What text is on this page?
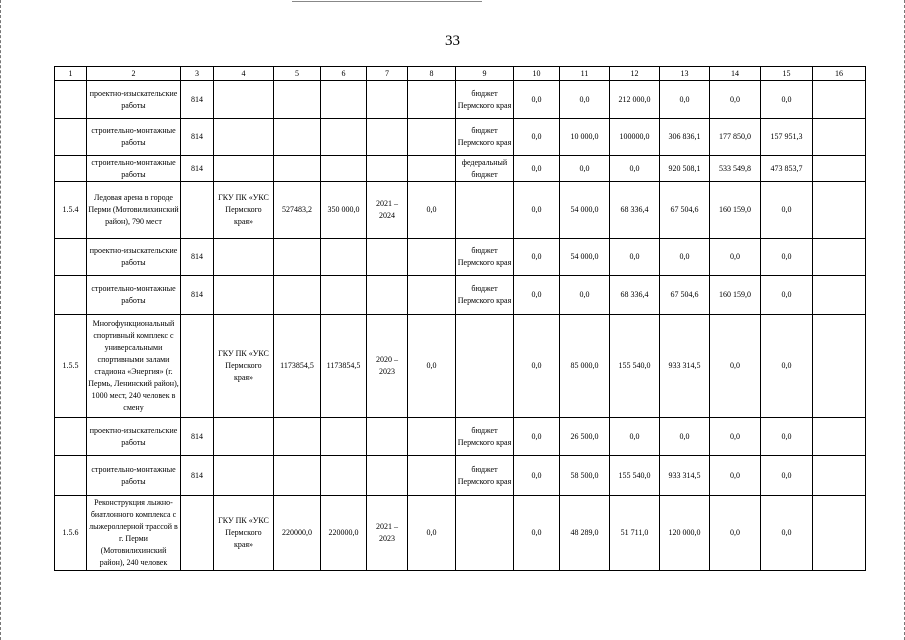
33
1	2	3	4	5	6	7	8	9	10	11	12	13	14	15	16
	проектно-изыскательские работы	814						бюджет Пермского края	0,0	0,0	212 000,0	0,0	0,0	0,0	
	строительно-монтажные работы	814						бюджет Пермского края	0,0	10 000,0	100000,0	306 836,1	177 850,0	157 951,3	
	строительно-монтажные работы	814						федеральный бюджет	0,0	0,0	0,0	920 508,1	533 549,8	473 853,7	
1.5.4	Ледовая арена в городе Перми (Мотовилихинский район), 790 мест		ГКУ ПК «УКС Пермского края»	527483,2	350 000,0	2021 – 2024	0,0		0,0	54 000,0	68 336,4	67 504,6	160 159,0	0,0	
	проектно-изыскательские работы	814						бюджет Пермского края	0,0	54 000,0	0,0	0,0	0,0	0,0	
	строительно-монтажные работы	814						бюджет Пермского края	0,0	0,0	68 336,4	67 504,6	160 159,0	0,0	
1.5.5	Многофункциональный спортивный комплекс с универсальными спортивными залами стадиона «Энергия» (г. Пермь, Ленинский район), 1000 мест, 240 человек в смену		ГКУ ПК «УКС Пермского края»	1173854,5	1173854,5	2020 – 2023	0,0		0,0	85 000,0	155 540,0	933 314,5	0,0	0,0	
	проектно-изыскательские работы	814						бюджет Пермского края	0,0	26 500,0	0,0	0,0	0,0	0,0	
	строительно-монтажные работы	814						бюджет Пермского края	0,0	58 500,0	155 540,0	933 314,5	0,0	0,0	
1.5.6	Реконструкция лыжно-биатлонного комплекса с лыжероллерной трассой в г. Перми (Мотовилихинский район), 240 человек		ГКУ ПК «УКС Пермского края»	220000,0	220000,0	2021 – 2023	0,0		0,0	48 289,0	51 711,0	120 000,0	0,0	0,0	
